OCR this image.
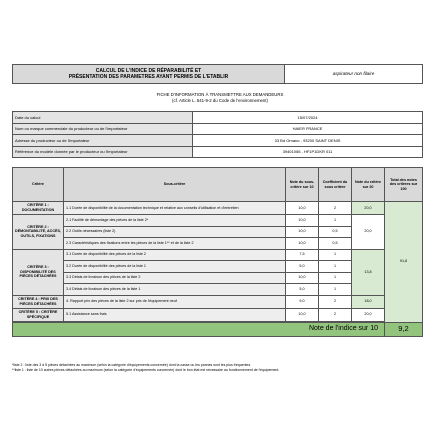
CALCUL DE L'INDICE DE RÉPARABILITÉ ET
PRÉSENTATION DES PARAMETRES AYANT PERMIS DE L'ETABLIR
	aspirateur non filaire
FICHE D'INFORMATION À TRANSMETTRE AUX DEMANDEURS
(cf. Article L. 541-9-2 du Code de l'environnement)
Date du calcul	15/07/2024
Nom ou marque commerciale du producteur ou de l'importateur	HAIER FRANCE
Adresse du producteur ou de l'importateur	33 Bd Ornano - 93200 SAINT DENIS
Référence du modèle donnée par le producteur ou l'importateur	39401056 - HF1P1DKR 011
Critère	Sous-critère	Note du sous-critère sur 10	Coefficient du sous critère	Note du critère sur 20	Total des notes des critères sur 100
CRITÈRE 1 : DOCUMENTATION	1.1 Durée de disponibilité de la documentation technique et relative aux conseils d'utilisation et d'entretien	10,0	2	20,0	91,8
CRITÈRE 2 : DÉMONTABILITÉ, ACCÈS, OUTILS, FIXATIONS	2.1 Facilité de démontage des pièces de la liste 2*	10,0	1	20,0	
	2.2 Outils nécessaires (liste 2)	10,0	0,5		
	2.3 Caractéristiques des fixations entre les pièces de la liste 1** et de la liste 2	10,0	0,5		
CRITÈRE 3 : DISPONIBILITÉ DES PIÈCES DÉTACHÉES	3.1 Durée de disponibilité des pièces de la liste 2	7,5	1	13,8	
	3.2 Durée de disponibilité des pièces de la liste 1	5,0	1		
	3.3 Délais de livraison des pièces de la liste 2	10,0	1		
	3.4 Délais de livraison des pièces de la liste 1	5,0	1		
CRITÈRE 4 : PRIX DES PIÈCES DÉTACHÉES	4. Rapport prix des pièces de la liste 2 sur prix de l'équipement neuf	9,0	2	18,0	
CRITÈRE 5 : CRITÈRE SPÉCIFIQUE	5.1 Assistance sans frais	10,0	2	20,0	

Note de l'indice sur 10					9,2
*liste 2 : liste des 3 à 5 pièces détachées au maximum (selon la catégorie d'équipements concernée) dont la casse ou les pannes sont les plus fréquentes
**liste 1 : liste de 10 autres pièces détachées au maximum (selon la catégorie d'équipements concernée) dont le bon état est nécessaire au fonctionnement de l'équipement.
